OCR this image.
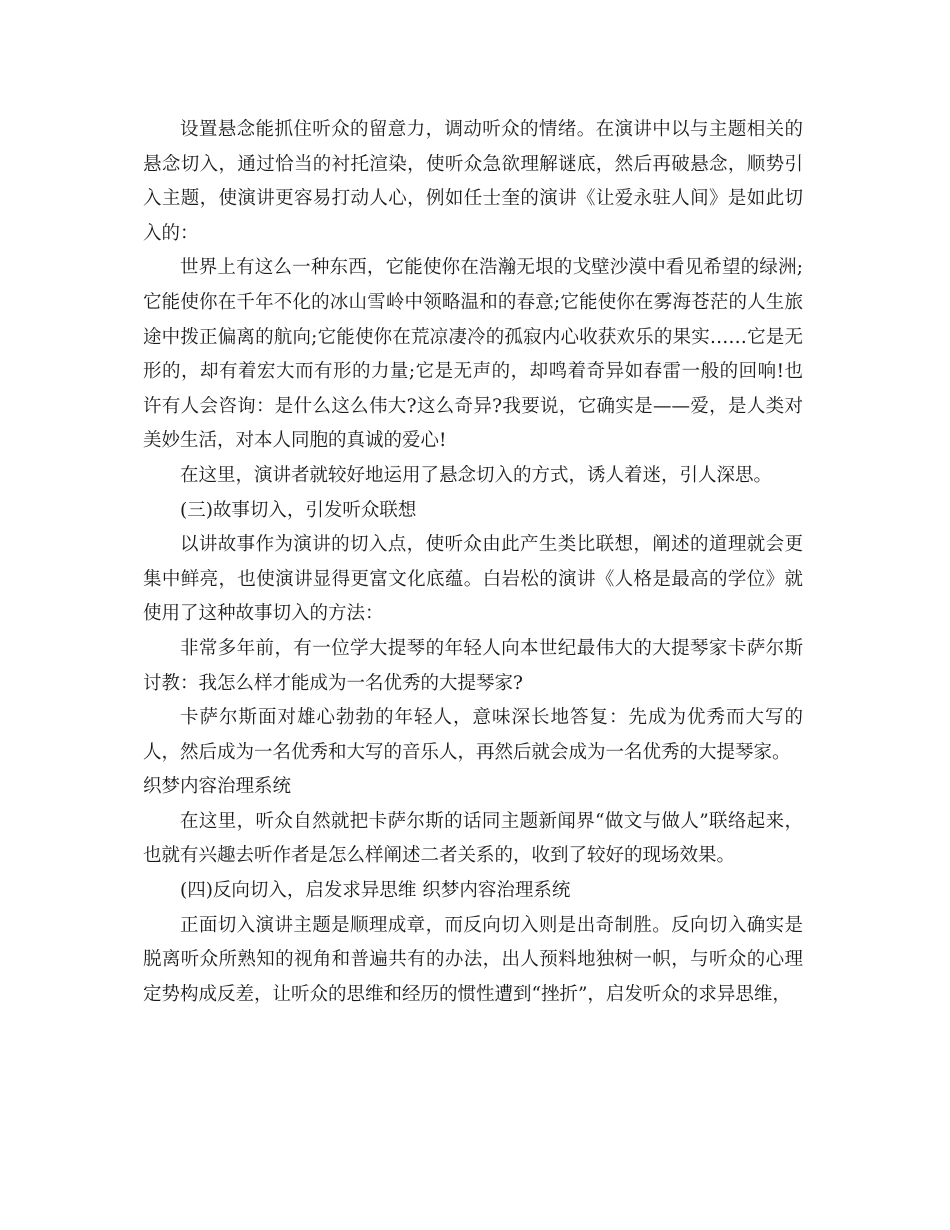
设置悬念能抓住听众的留意力，调动听众的情绪。在演讲中以与主题相关的悬念切入，通过恰当的衬托渲染，使听众急欲理解谜底，然后再破悬念，顺势引入主题，使演讲更容易打动人心，例如任士奎的演讲《让爱永驻人间》是如此切入的：

世界上有这么一种东西，它能使你在浩瀚无垠的戈壁沙漠中看见希望的绿洲;它能使你在千年不化的冰山雪岭中领略温和的春意;它能使你在雾海苍茫的人生旅途中拨正偏离的航向;它能使你在荒凉凄冷的孤寂内心收获欢乐的果实……它是无形的，却有着宏大而有形的力量;它是无声的，却鸣着奇异如春雷一般的回响!也许有人会咨询：是什么这么伟大?这么奇异?我要说，它确实是——爱，是人类对美妙生活，对本人同胞的真诚的爱心!

在这里，演讲者就较好地运用了悬念切入的方式，诱人着迷，引人深思。

(三)故事切入，引发听众联想

以讲故事作为演讲的切入点，使听众由此产生类比联想，阐述的道理就会更集中鲜亮，也使演讲显得更富文化底蕴。白岩松的演讲《人格是最高的学位》就使用了这种故事切入的方法：

非常多年前，有一位学大提琴的年轻人向本世纪最伟大的大提琴家卡萨尔斯讨教：我怎么样才能成为一名优秀的大提琴家?

卡萨尔斯面对雄心勃勃的年轻人，意味深长地答复：先成为优秀而大写的人，然后成为一名优秀和大写的音乐人，再然后就会成为一名优秀的大提琴家。

织梦内容治理系统

在这里，听众自然就把卡萨尔斯的话同主题新闻界“做文与做人”联络起来，也就有兴趣去听作者是怎么样阐述二者关系的，收到了较好的现场效果。

(四)反向切入，启发求异思维 织梦内容治理系统

正面切入演讲主题是顺理成章，而反向切入则是出奇制胜。反向切入确实是脱离听众所熟知的视角和普遍共有的办法，出人预料地独树一帜，与听众的心理定势构成反差，让听众的思维和经历的惯性遭到“挫折”，启发听众的求异思维，
